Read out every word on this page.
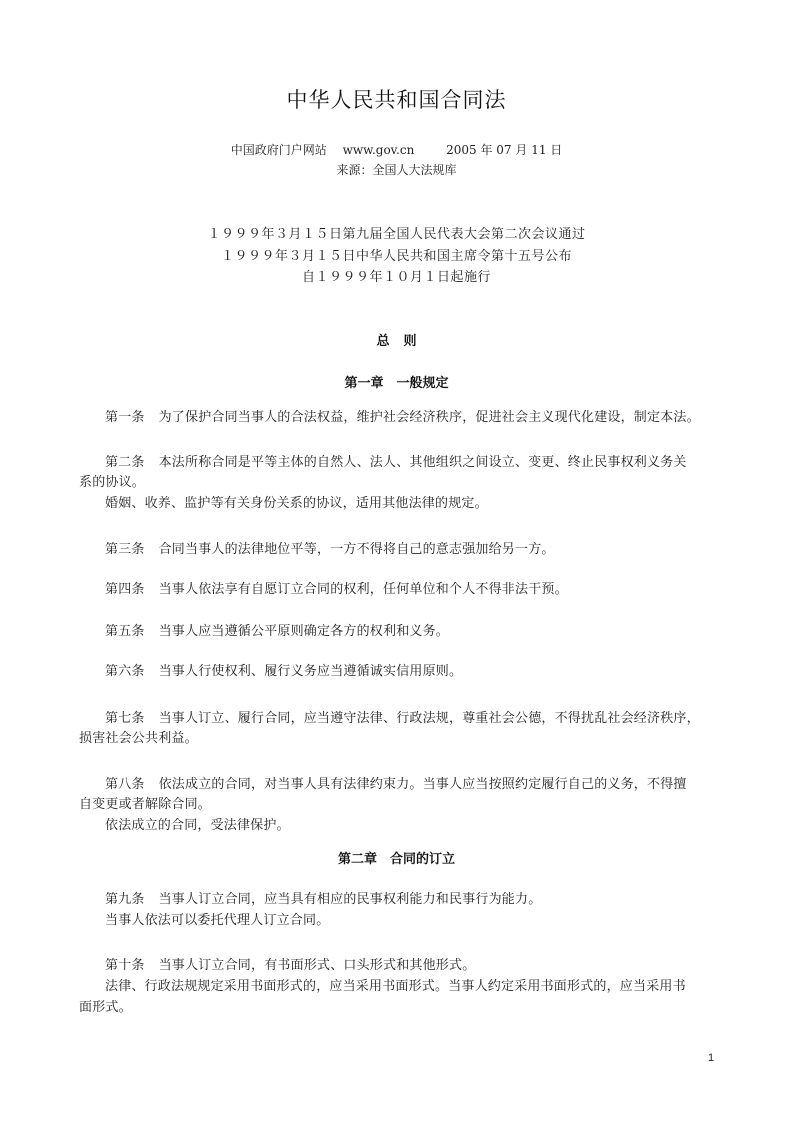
中华人民共和国合同法
中国政府门户网站 www.gov.cn	2005 年 07 月 11 日
来源：全国人大法规库
１９９９年３月１５日第九届全国人民代表大会第二次会议通过
１９９９年３月１５日中华人民共和国主席令第十五号公布
自１９９９年１０月１日起施行
总则
第一章　一般规定
第一条 为了保护合同当事人的合法权益，维护社会经济秩序，促进社会主义现代化建设，制定本法。
第二条 本法所称合同是平等主体的自然人、法人、其他组织之间设立、变更、终止民事权利义务关
系的协议。
婚姻、收养、监护等有关身份关系的协议，适用其他法律的规定。
第三条 合同当事人的法律地位平等，一方不得将自己的意志强加给另一方。
第四条 当事人依法享有自愿订立合同的权利，任何单位和个人不得非法干预。
第五条 当事人应当遵循公平原则确定各方的权利和义务。
第六条 当事人行使权利、履行义务应当遵循诚实信用原则。
第七条 当事人订立、履行合同，应当遵守法律、行政法规，尊重社会公德，不得扰乱社会经济秩序，
损害社会公共利益。
第八条 依法成立的合同，对当事人具有法律约束力。当事人应当按照约定履行自己的义务，不得擅
自变更或者解除合同。
依法成立的合同，受法律保护。
第二章　合同的订立
第九条 当事人订立合同，应当具有相应的民事权利能力和民事行为能力。
当事人依法可以委托代理人订立合同。
第十条 当事人订立合同，有书面形式、口头形式和其他形式。
法律、行政法规规定采用书面形式的，应当采用书面形式。当事人约定采用书面形式的，应当采用书
面形式。
1
